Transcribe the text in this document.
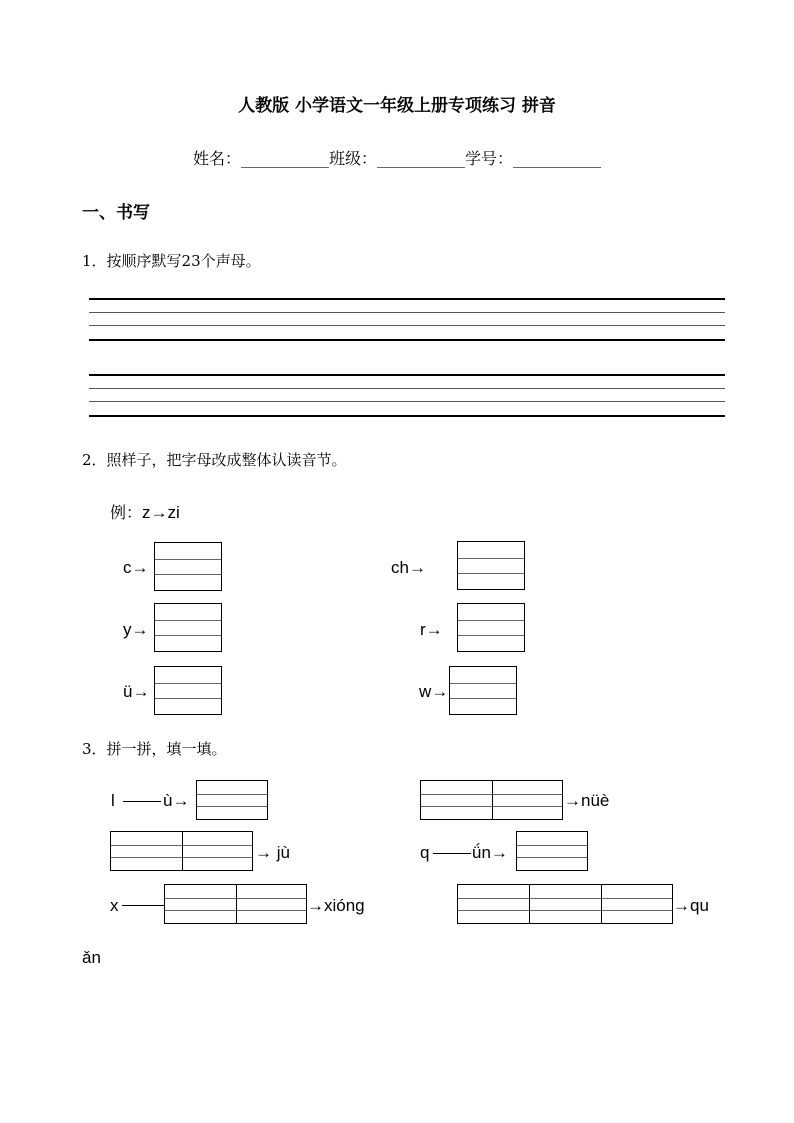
人教版 小学语文一年级上册专项练习 拼音
姓名：___________班级：___________学号：___________
一、书写
1．按顺序默写23个声母。
2．照样子，把字母改成整体认读音节。
例：z→zi
c→	ch→
y→	r→
ü→	w→
3．拼一拼，填一填。
l	ù→	→nüè
→ jù	q	ǘn→
x	→xióng	→qu
ǎn
